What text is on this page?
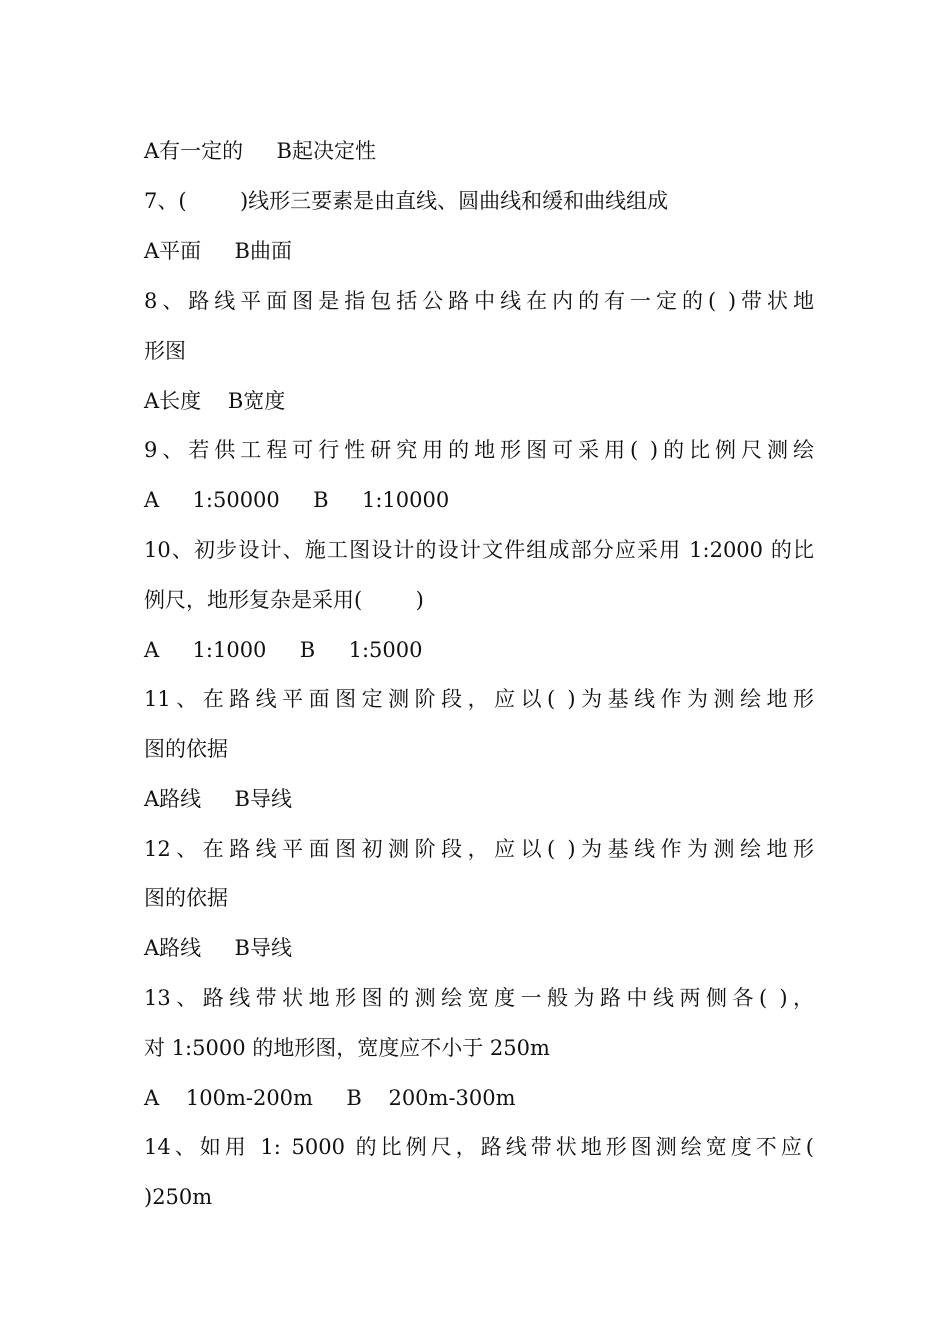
A有一定的     B起决定性
7、(        )线形三要素是由直线、圆曲线和缓和曲线组成
A平面     B曲面
8、路线平面图是指包括公路中线在内的有一定的( )带状地
形图
A长度    B宽度
9、若供工程可行性研究用的地形图可采用( )的比例尺测绘
A     1:50000     B     1:10000
10、初步设计、施工图设计的设计文件组成部分应采用 1:2000 的比
例尺，地形复杂是采用(        )
A     1:1000     B     1:5000
11、在路线平面图定测阶段，应以( )为基线作为测绘地形
图的依据
A路线     B导线
12、在路线平面图初测阶段，应以( )为基线作为测绘地形
图的依据
A路线     B导线
13、路线带状地形图的测绘宽度一般为路中线两侧各( )，
对 1:5000 的地形图，宽度应不小于 250m
A    100m-200m     B    200m-300m
14、如用 1: 5000 的比例尺，路线带状地形图测绘宽度不应(
)250m
